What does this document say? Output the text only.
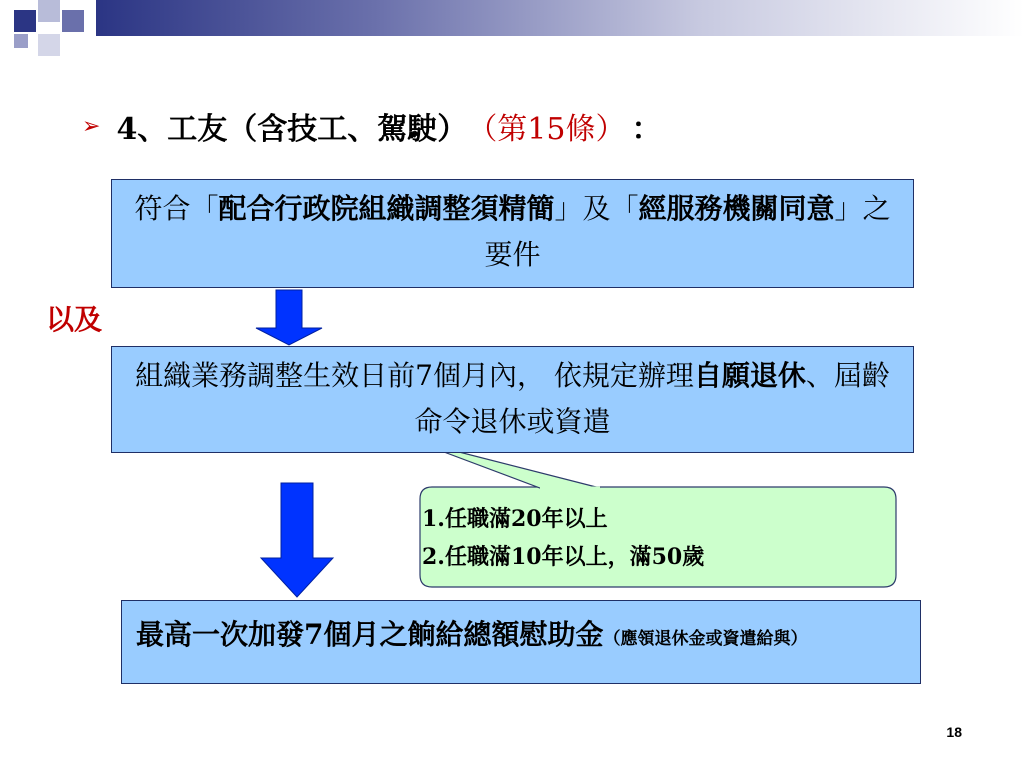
➢ 4、工友（含技工、駕駛） （第15條） ：
符合「配合行政院組織調整須精簡」及「經服務機關同意」之要件
以及
組織業務調整生效日前7個月內， 依規定辦理自願退休、屆齡命令退休或資遣
1.任職滿20年以上
2.任職滿10年以上，滿50歲
最高一次加發7個月之餉給總額慰助金（應領退休金或資遣給與）
18
